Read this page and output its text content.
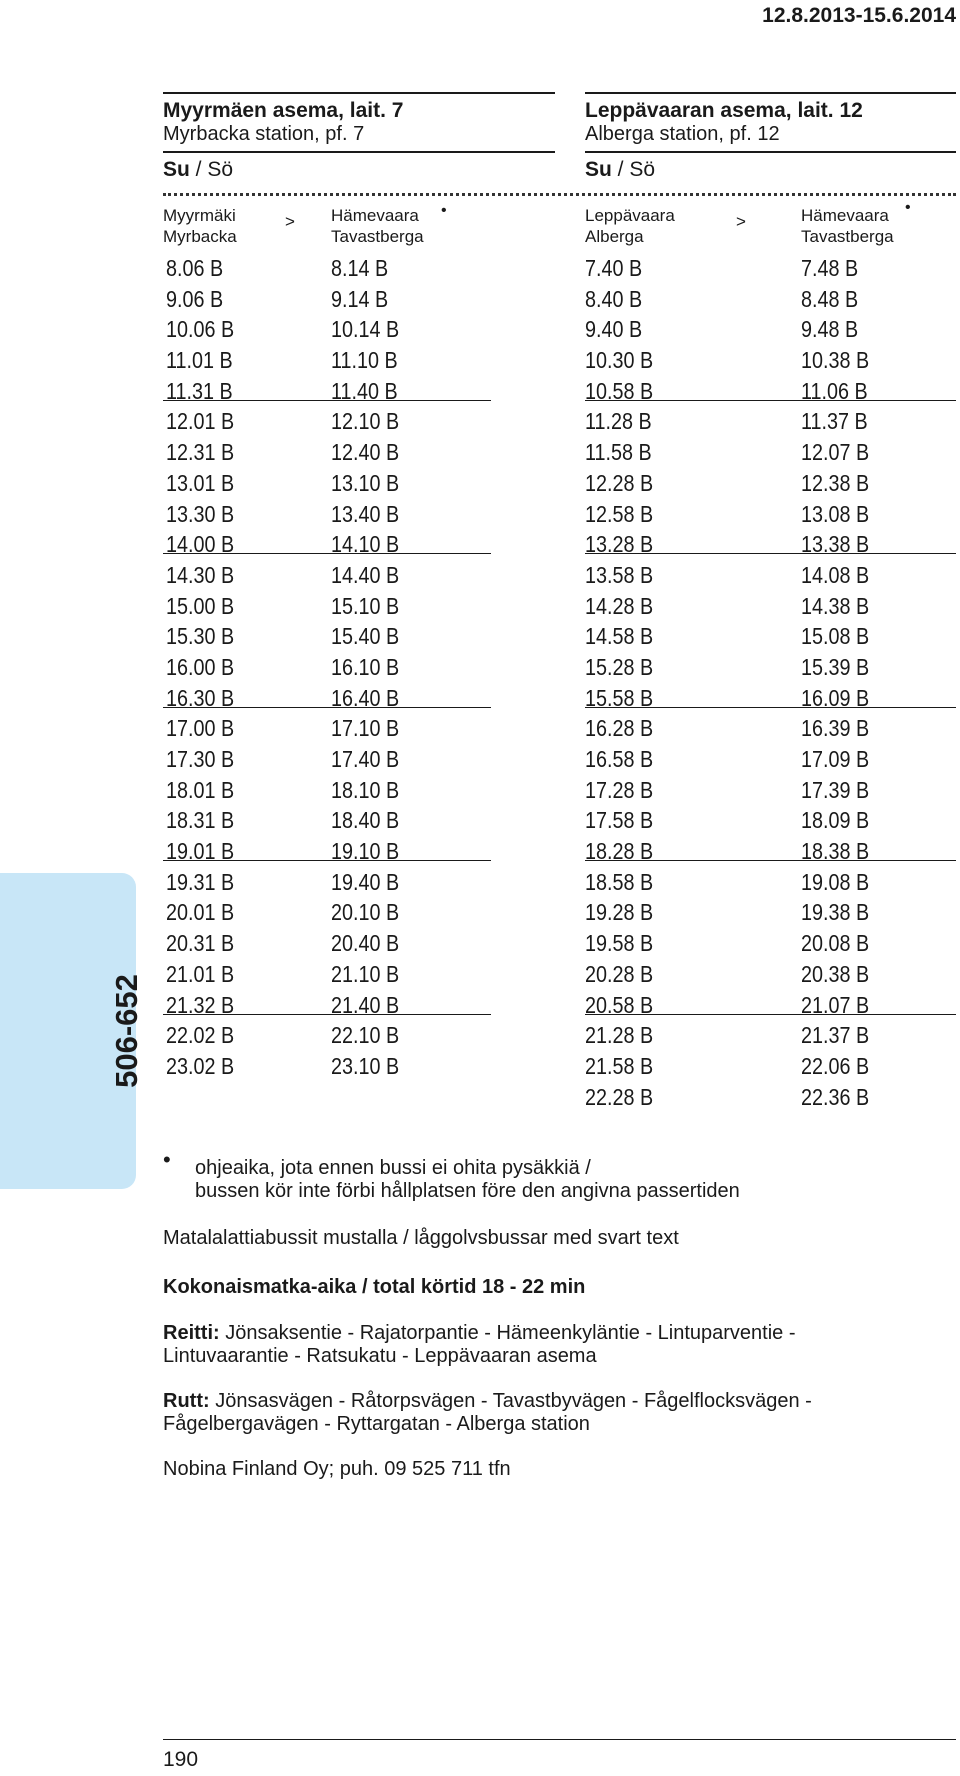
12.8.2013-15.6.2014
Myyrmäen asema, lait. 7
Myrbacka station, pf. 7
Su / Sö
Leppävaaran asema, lait. 12
Alberga station, pf. 12
Su / Sö
Myyrmäki
Myrbacka
> Hämevaara
Tavastberga
•	Leppävaara
Alberga
>	Hämevaara
Tavastberga
•
8.06 B
9.06 B
10.06 B
11.01 B
11.31 B
12.01 B
12.31 B
13.01 B
13.30 B
14.00 B
14.30 B
15.00 B
15.30 B
16.00 B
16.30 B
17.00 B
17.30 B
18.01 B
18.31 B
19.01 B
19.31 B
20.01 B
20.31 B
21.01 B
21.32 B
22.02 B
23.02 B
8.14 B
9.14 B
10.14 B
11.10 B
11.40 B
12.10 B
12.40 B
13.10 B
13.40 B
14.10 B
14.40 B
15.10 B
15.40 B
16.10 B
16.40 B
17.10 B
17.40 B
18.10 B
18.40 B
19.10 B
19.40 B
20.10 B
20.40 B
21.10 B
21.40 B
22.10 B
23.10 B
7.40 B
8.40 B
9.40 B
10.30 B
10.58 B
11.28 B
11.58 B
12.28 B
12.58 B
13.28 B
13.58 B
14.28 B
14.58 B
15.28 B
15.58 B
16.28 B
16.58 B
17.28 B
17.58 B
18.28 B
18.58 B
19.28 B
19.58 B
20.28 B
20.58 B
21.28 B
21.58 B
22.28 B
7.48 B
8.48 B
9.48 B
10.38 B
11.06 B
11.37 B
12.07 B
12.38 B
13.08 B
13.38 B
14.08 B
14.38 B
15.08 B
15.39 B
16.09 B
16.39 B
17.09 B
17.39 B
18.09 B
18.38 B
19.08 B
19.38 B
20.08 B
20.38 B
21.07 B
21.37 B
22.06 B
22.36 B
506-652
• ohjeaika, jota ennen bussi ei ohita pysäkkiä /
bussen kör inte förbi hållplatsen före den angivna passertiden
Matalalattiabussit mustalla / låggolvsbussar med svart text
Kokonaismatka-aika / total körtid 18 - 22 min
Reitti: Jönsaksentie - Rajatorpantie - Hämeenkyläntie - Lintuparventie -
Lintuvaarantie - Ratsukatu - Leppävaaran asema
Rutt: Jönsasvägen - Råtorpsvägen - Tavastbyvägen - Fågelflocksvägen -
Fågelbergavägen - Ryttargatan - Alberga station
Nobina Finland Oy; puh. 09 525 711 tfn
190
